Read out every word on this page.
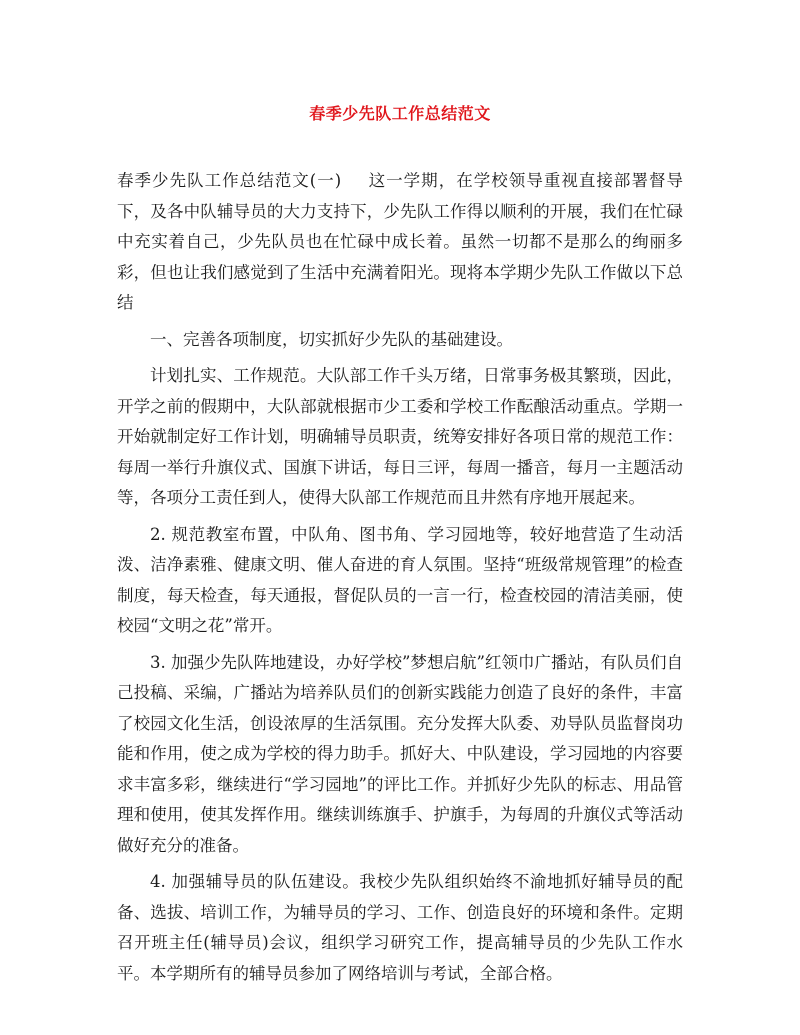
春季少先队工作总结范文

春季少先队工作总结范文(一) 这一学期，在学校领导重视直接部署督导下，及各中队辅导员的大力支持下，少先队工作得以顺利的开展，我们在忙碌中充实着自己，少先队员也在忙碌中成长着。虽然一切都不是那么的绚丽多彩，但也让我们感觉到了生活中充满着阳光。现将本学期少先队工作做以下总结

一、完善各项制度，切实抓好少先队的基础建设。

计划扎实、工作规范。大队部工作千头万绪，日常事务极其繁琐，因此，开学之前的假期中，大队部就根据市少工委和学校工作酝酿活动重点。学期一开始就制定好工作计划，明确辅导员职责，统筹安排好各项日常的规范工作：每周一举行升旗仪式、国旗下讲话，每日三评，每周一播音，每月一主题活动等，各项分工责任到人，使得大队部工作规范而且井然有序地开展起来。

2. 规范教室布置，中队角、图书角、学习园地等，较好地营造了生动活泼、洁净素雅、健康文明、催人奋进的育人氛围。坚持“班级常规管理”的检查制度，每天检查，每天通报，督促队员的一言一行，检查校园的清洁美丽，使校园“文明之花”常开。

3. 加强少先队阵地建设，办好学校”梦想启航”红领巾广播站，有队员们自己投稿、采编，广播站为培养队员们的创新实践能力创造了良好的条件，丰富了校园文化生活，创设浓厚的生活氛围。充分发挥大队委、劝导队员监督岗功能和作用，使之成为学校的得力助手。抓好大、中队建设，学习园地的内容要求丰富多彩，继续进行“学习园地”的评比工作。并抓好少先队的标志、用品管理和使用，使其发挥作用。继续训练旗手、护旗手，为每周的升旗仪式等活动做好充分的准备。

4. 加强辅导员的队伍建设。我校少先队组织始终不渝地抓好辅导员的配备、选拔、培训工作，为辅导员的学习、工作、创造良好的环境和条件。定期召开班主任(辅导员)会议，组织学习研究工作，提高辅导员的少先队工作水平。本学期所有的辅导员参加了网络培训与考试，全部合格。
